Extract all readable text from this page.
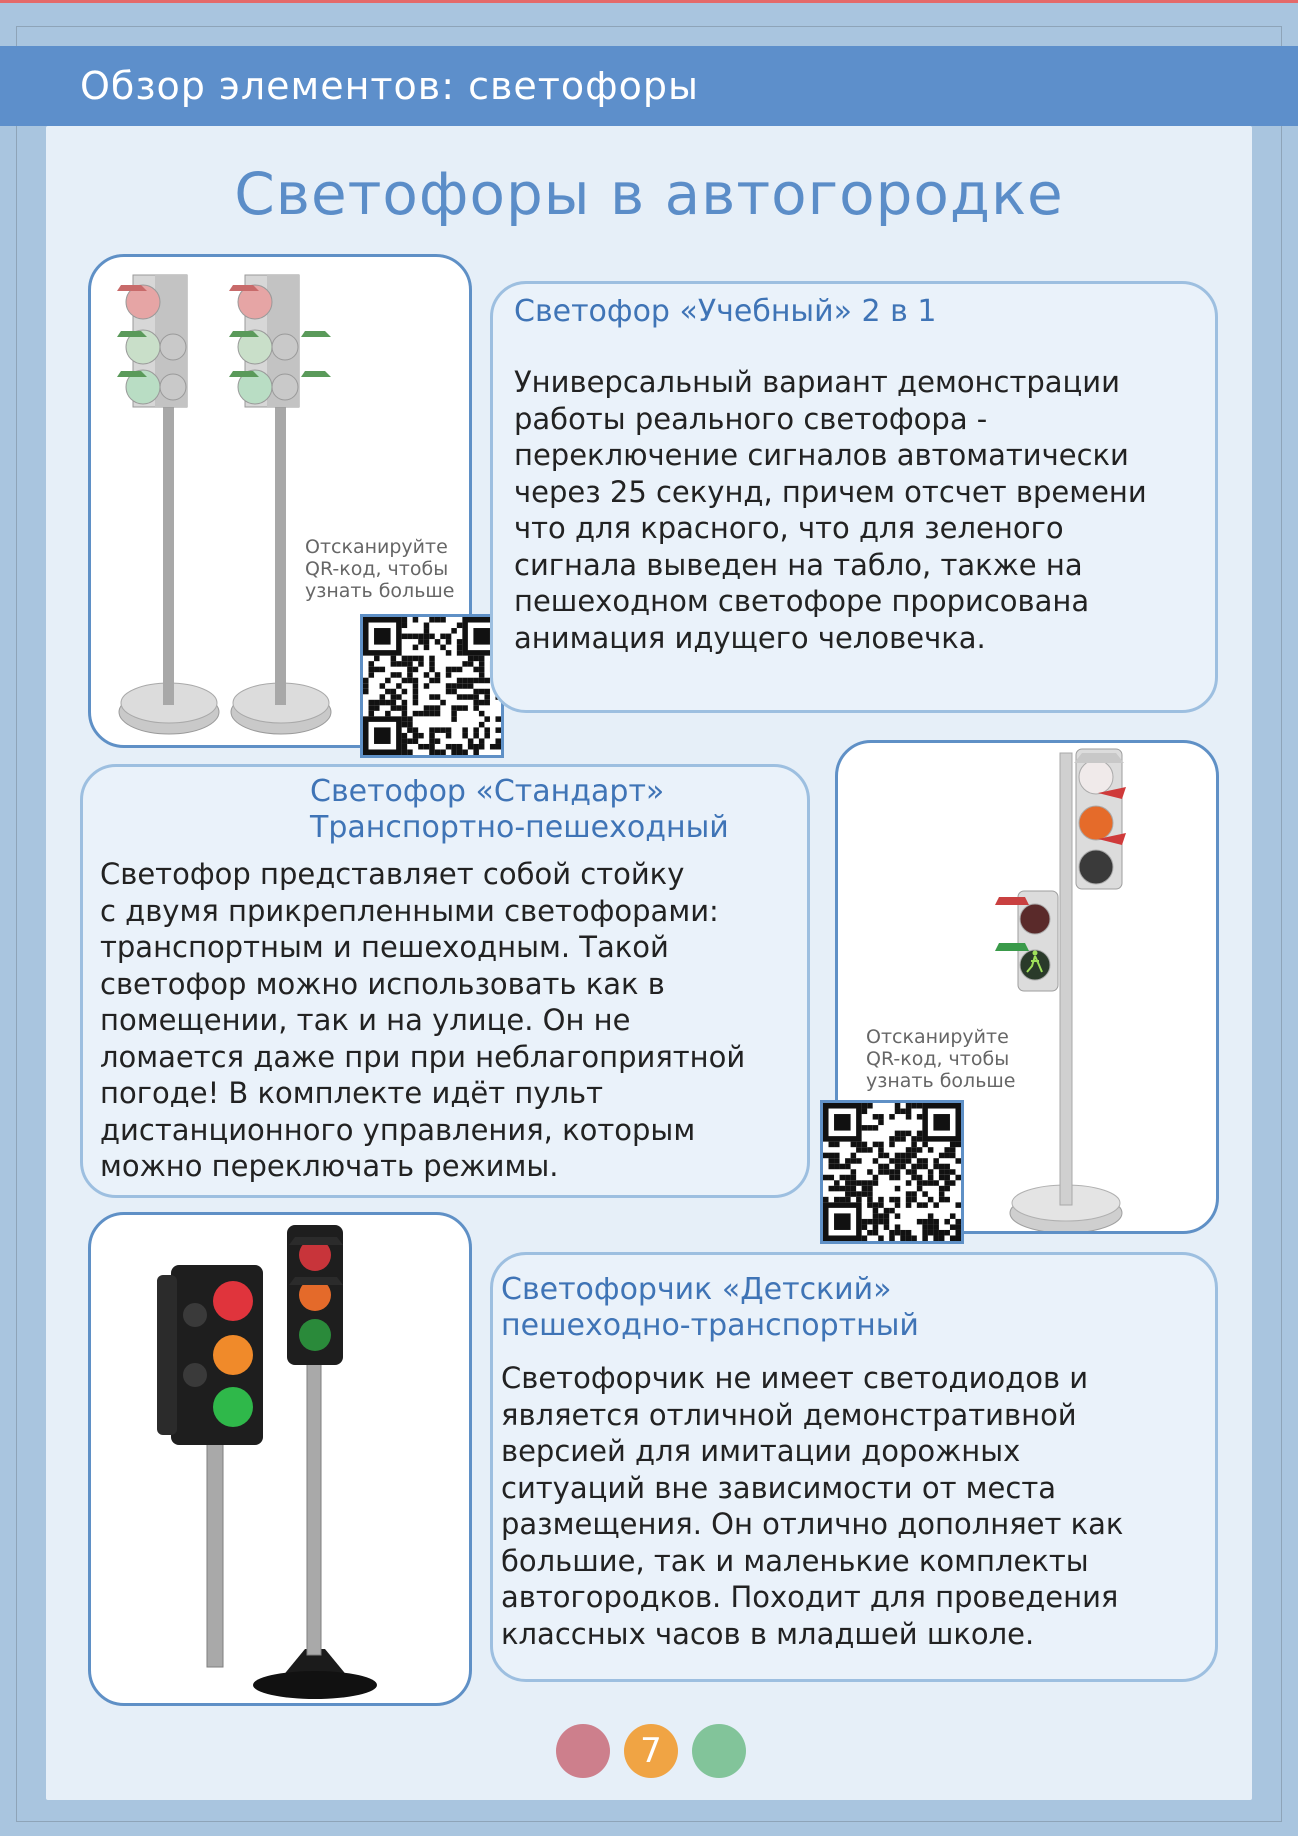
Обзор элементов: светофоры
Светофоры в автогородке
Отсканируйте
QR-код, чтобы
узнать больше
Светофор «Учебный» 2 в 1
Универсальный вариант демонстрации
работы реального светофора -
переключение сигналов автоматически
через 25 секунд, причем отсчет времени
что для красного, что для зеленого
сигнала выведен на табло, также на
пешеходном светофоре прорисована
анимация идущего человечка.
Светофор «Стандарт»
Транспортно-пешеходный
Светофор представляет собой стойку
с двумя прикрепленными светофорами:
транспортным и пешеходным. Такой
светофор можно использовать как в
помещении, так и на улице. Он не
ломается даже при при неблагоприятной
погоде! В комплекте идёт пульт
дистанционного управления, которым
можно переключать режимы.
Отсканируйте
QR-код, чтобы
узнать больше
Светофорчик «Детский»
пешеходно-транспортный
Светофорчик не имеет светодиодов и
является отличной демонстративной
версией для имитации дорожных
ситуаций вне зависимости от места
размещения. Он отлично дополняет как
большие, так и маленькие комплекты
автогородков. Походит для проведения
классных часов в младшей школе.
7
